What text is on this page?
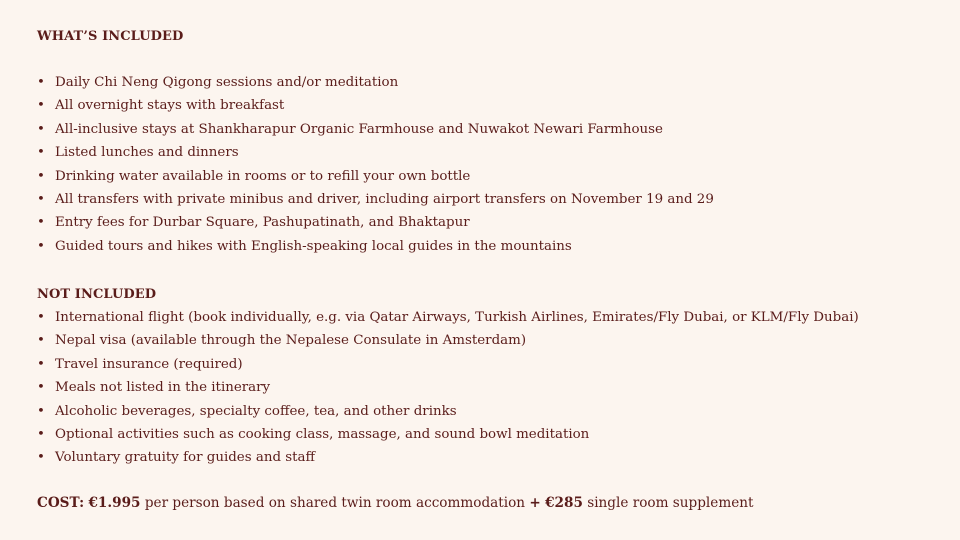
WHAT’S INCLUDED
• Daily Chi Neng Qigong sessions and/or meditation
• All overnight stays with breakfast
• All-inclusive stays at Shankharapur Organic Farmhouse and Nuwakot Newari Farmhouse
• Listed lunches and dinners
• Drinking water available in rooms or to refill your own bottle
• All transfers with private minibus and driver, including airport transfers on November 19 and 29
• Entry fees for Durbar Square, Pashupatinath, and Bhaktapur
• Guided tours and hikes with English-speaking local guides in the mountains
NOT INCLUDED
• International flight (book individually, e.g. via Qatar Airways, Turkish Airlines, Emirates/Fly Dubai, or KLM/Fly Dubai)
• Nepal visa (available through the Nepalese Consulate in Amsterdam)
• Travel insurance (required)
• Meals not listed in the itinerary
• Alcoholic beverages, specialty coffee, tea, and other drinks
• Optional activities such as cooking class, massage, and sound bowl meditation
• Voluntary gratuity for guides and staff
COST: €1.995 per person based on shared twin room accommodation + €285 single room supplement
